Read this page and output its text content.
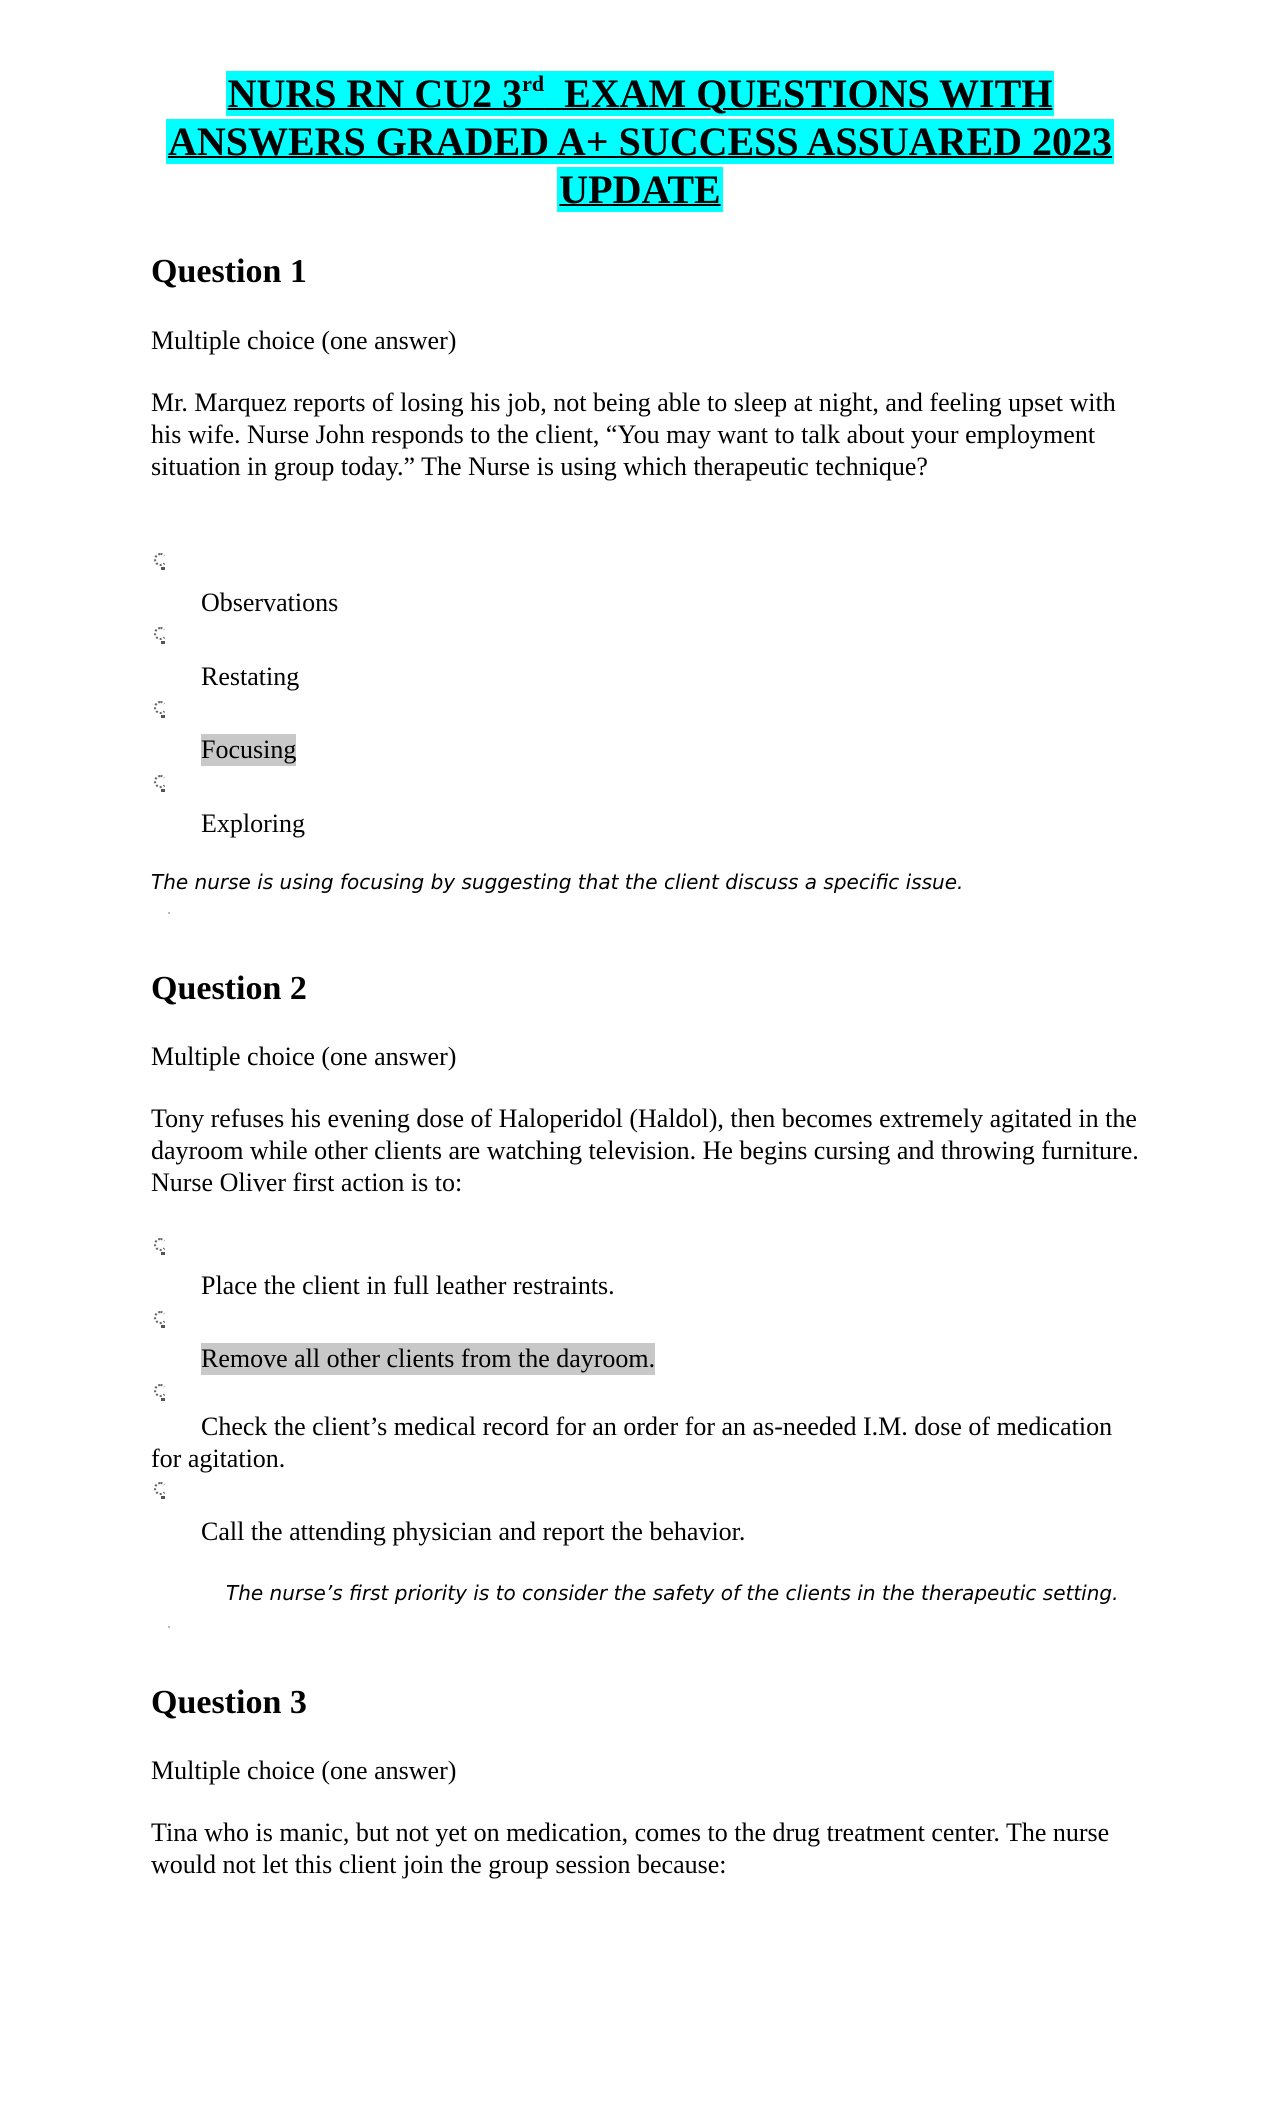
NURS RN CU2 3rd  EXAM QUESTIONS WITH
ANSWERS GRADED A+ SUCCESS ASSUARED 2023
UPDATE
Question 1
Multiple choice (one answer)
Mr. Marquez reports of losing his job, not being able to sleep at night, and feeling upset with his wife. Nurse John responds to the client, “You may want to talk about your employment situation in group today.” The Nurse is using which therapeutic technique?
Observations
Restating
Focusing
Exploring
The nurse is using focusing by suggesting that the client discuss a specific issue.
Question 2
Multiple choice (one answer)
Tony refuses his evening dose of Haloperidol (Haldol), then becomes extremely agitated in the dayroom while other clients are watching television. He begins cursing and throwing furniture. Nurse Oliver first action is to:
Place the client in full leather restraints.
Remove all other clients from the dayroom.
Check the client’s medical record for an order for an as-needed I.M. dose of medication for agitation.
Call the attending physician and report the behavior.
The nurse’s first priority is to consider the safety of the clients in the therapeutic setting.
Question 3
Multiple choice (one answer)
Tina who is manic, but not yet on medication, comes to the drug treatment center. The nurse would not let this client join the group session because:
